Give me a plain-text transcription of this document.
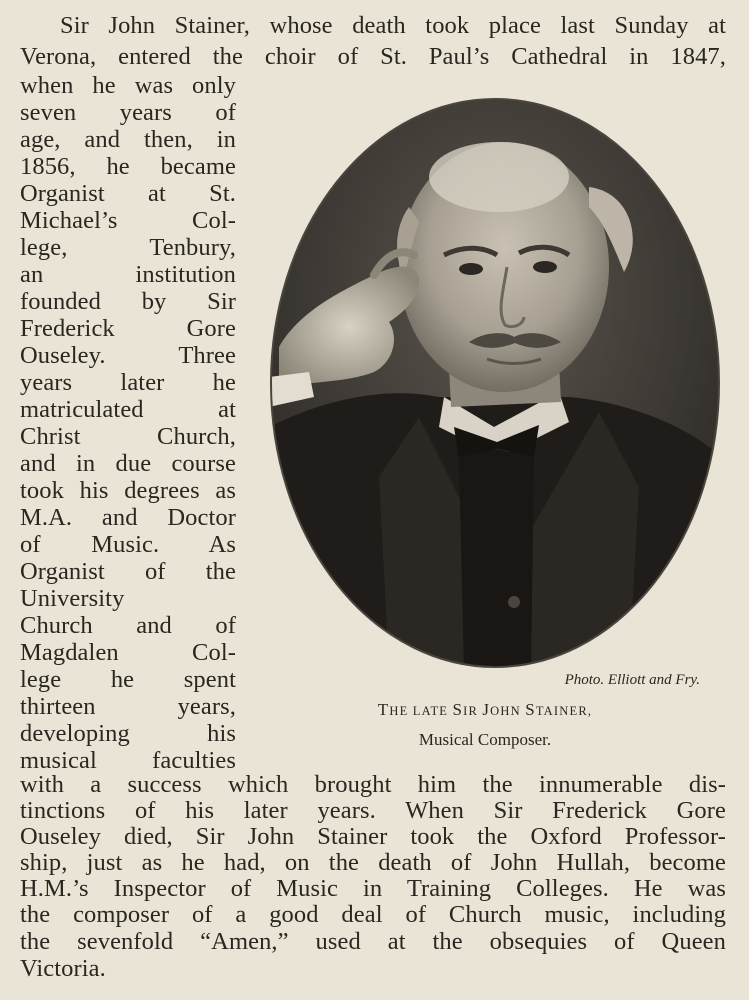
Sir John Stainer, whose death took place last Sunday at
Verona, entered the choir of St. Paul’s Cathedral in 1847,
when he was only
seven years of
age, and then, in
1856, he became
Organist at St.
Michael’s Col-
lege, Tenbury,
an institution
founded by Sir
Frederick Gore
Ouseley. Three
years later he
matriculated at
Christ Church,
and in due course
took his degrees as
M.A. and Doctor
of Music. As
Organist of the
University
Church and of
Magdalen Col-
lege he spent
thirteen years,
developing his
musical faculties
with a success which brought him the innumerable dis-
tinctions of his later years. When Sir Frederick Gore
Ouseley died, Sir John Stainer took the Oxford Professor-
ship, just as he had, on the death of John Hullah, become
H.M.’s Inspector of Music in Training Colleges. He was
the composer of a good deal of Church music, including
the sevenfold “Amen,” used at the obsequies of Queen
Victoria.
Photo. Elliott and Fry.
THE LATE SIR JOHN STAINER,
Musical Composer.
